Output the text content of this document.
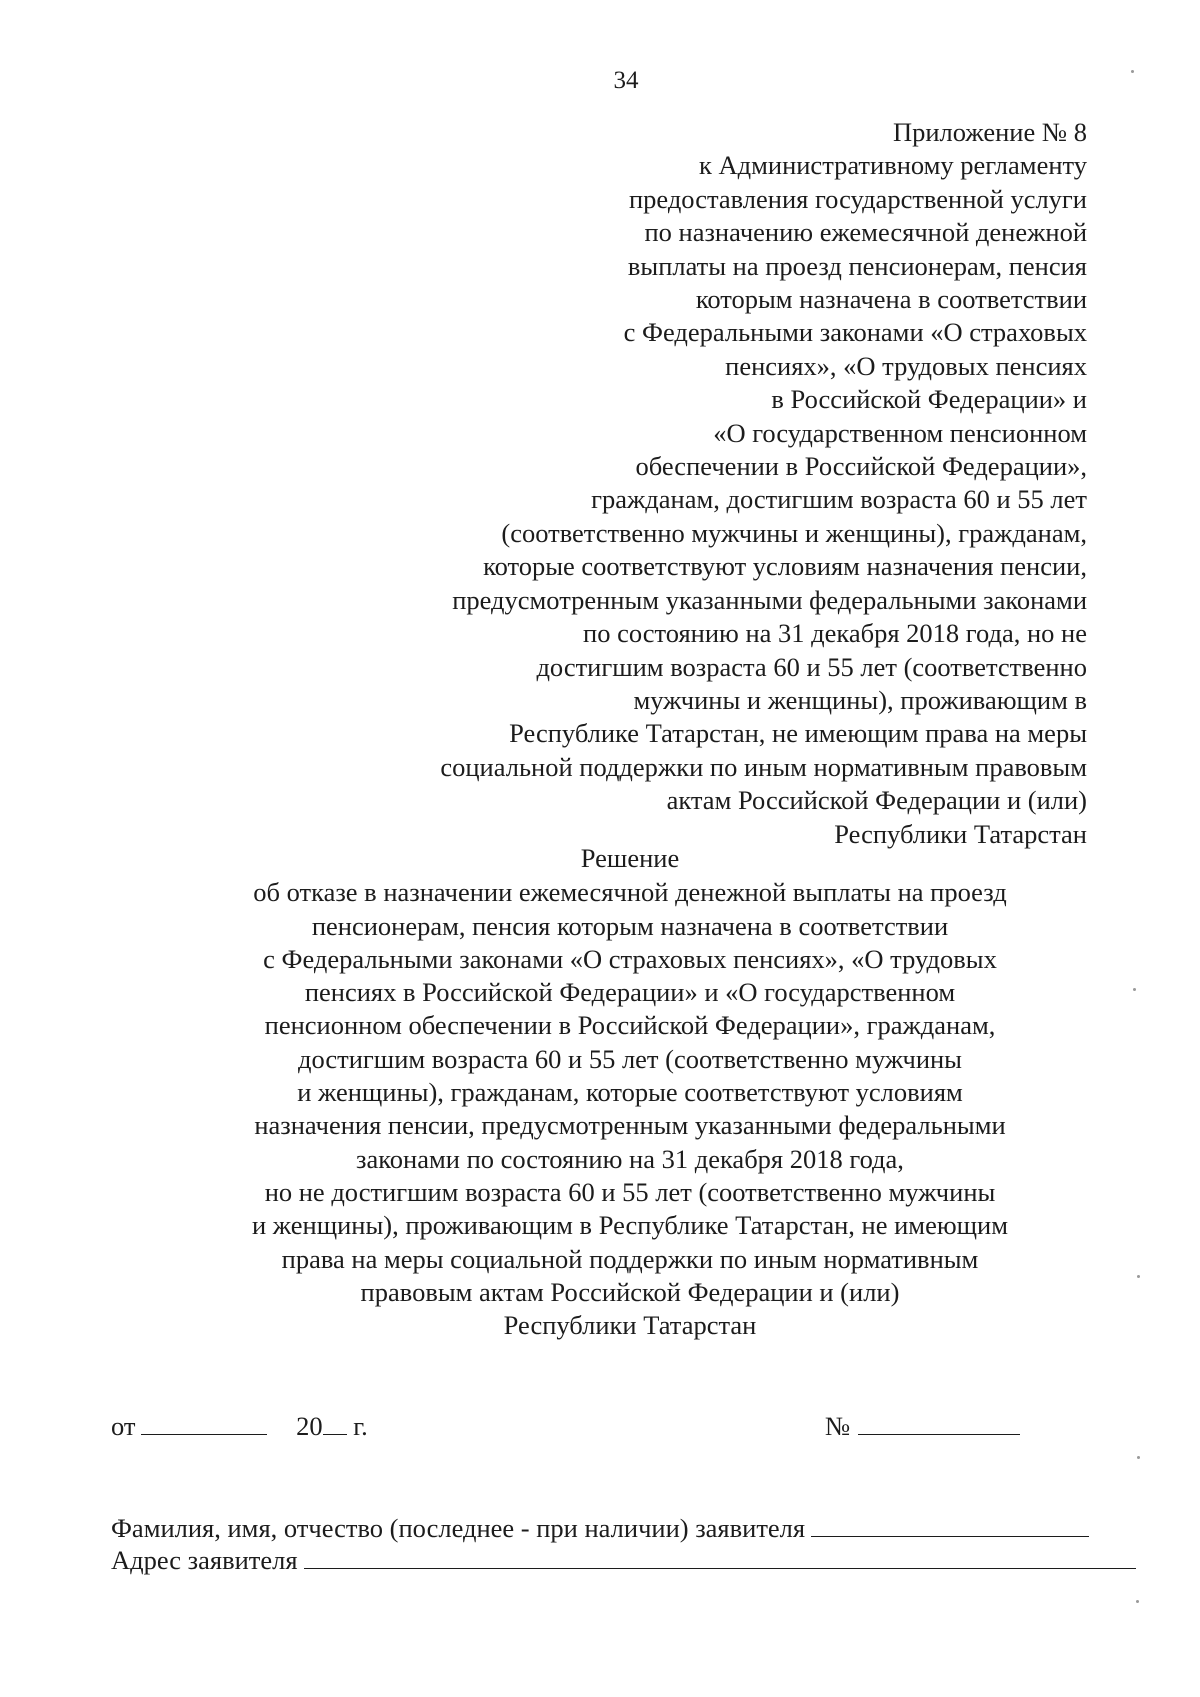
34
Приложение № 8
к Административному регламенту
предоставления государственной услуги
по назначению ежемесячной денежной
выплаты на проезд пенсионерам, пенсия
которым назначена в соответствии
с Федеральными законами «О страховых
пенсиях», «О трудовых пенсиях
в Российской Федерации» и
«О государственном пенсионном
обеспечении в Российской Федерации»,
гражданам, достигшим возраста 60 и 55 лет
(соответственно мужчины и женщины), гражданам,
которые соответствуют условиям назначения пенсии,
предусмотренным указанными федеральными законами
по состоянию на 31 декабря 2018 года, но не
достигшим возраста 60 и 55 лет (соответственно
мужчины и женщины), проживающим в
Республике Татарстан, не имеющим права на меры
социальной поддержки по иным нормативным правовым
актам Российской Федерации и (или)
Республики Татарстан
Решение
об отказе в назначении ежемесячной денежной выплаты на проезд
пенсионерам, пенсия которым назначена в соответствии
с Федеральными законами «О страховых пенсиях», «О трудовых
пенсиях в Российской Федерации» и «О государственном
пенсионном обеспечении в Российской Федерации», гражданам,
достигшим возраста 60 и 55 лет (соответственно мужчины
и женщины), гражданам, которые соответствуют условиям
назначения пенсии, предусмотренным указанными федеральными
законами по состоянию на 31 декабря 2018 года,
но не достигшим возраста 60 и 55 лет (соответственно мужчины
и женщины), проживающим в Республике Татарстан, не имеющим
права на меры социальной поддержки по иным нормативным
правовым актам Российской Федерации и (или)
Республики Татарстан
от	20 г.	№
Фамилия, имя, отчество (последнее - при наличии) заявителя
Адрес заявителя
